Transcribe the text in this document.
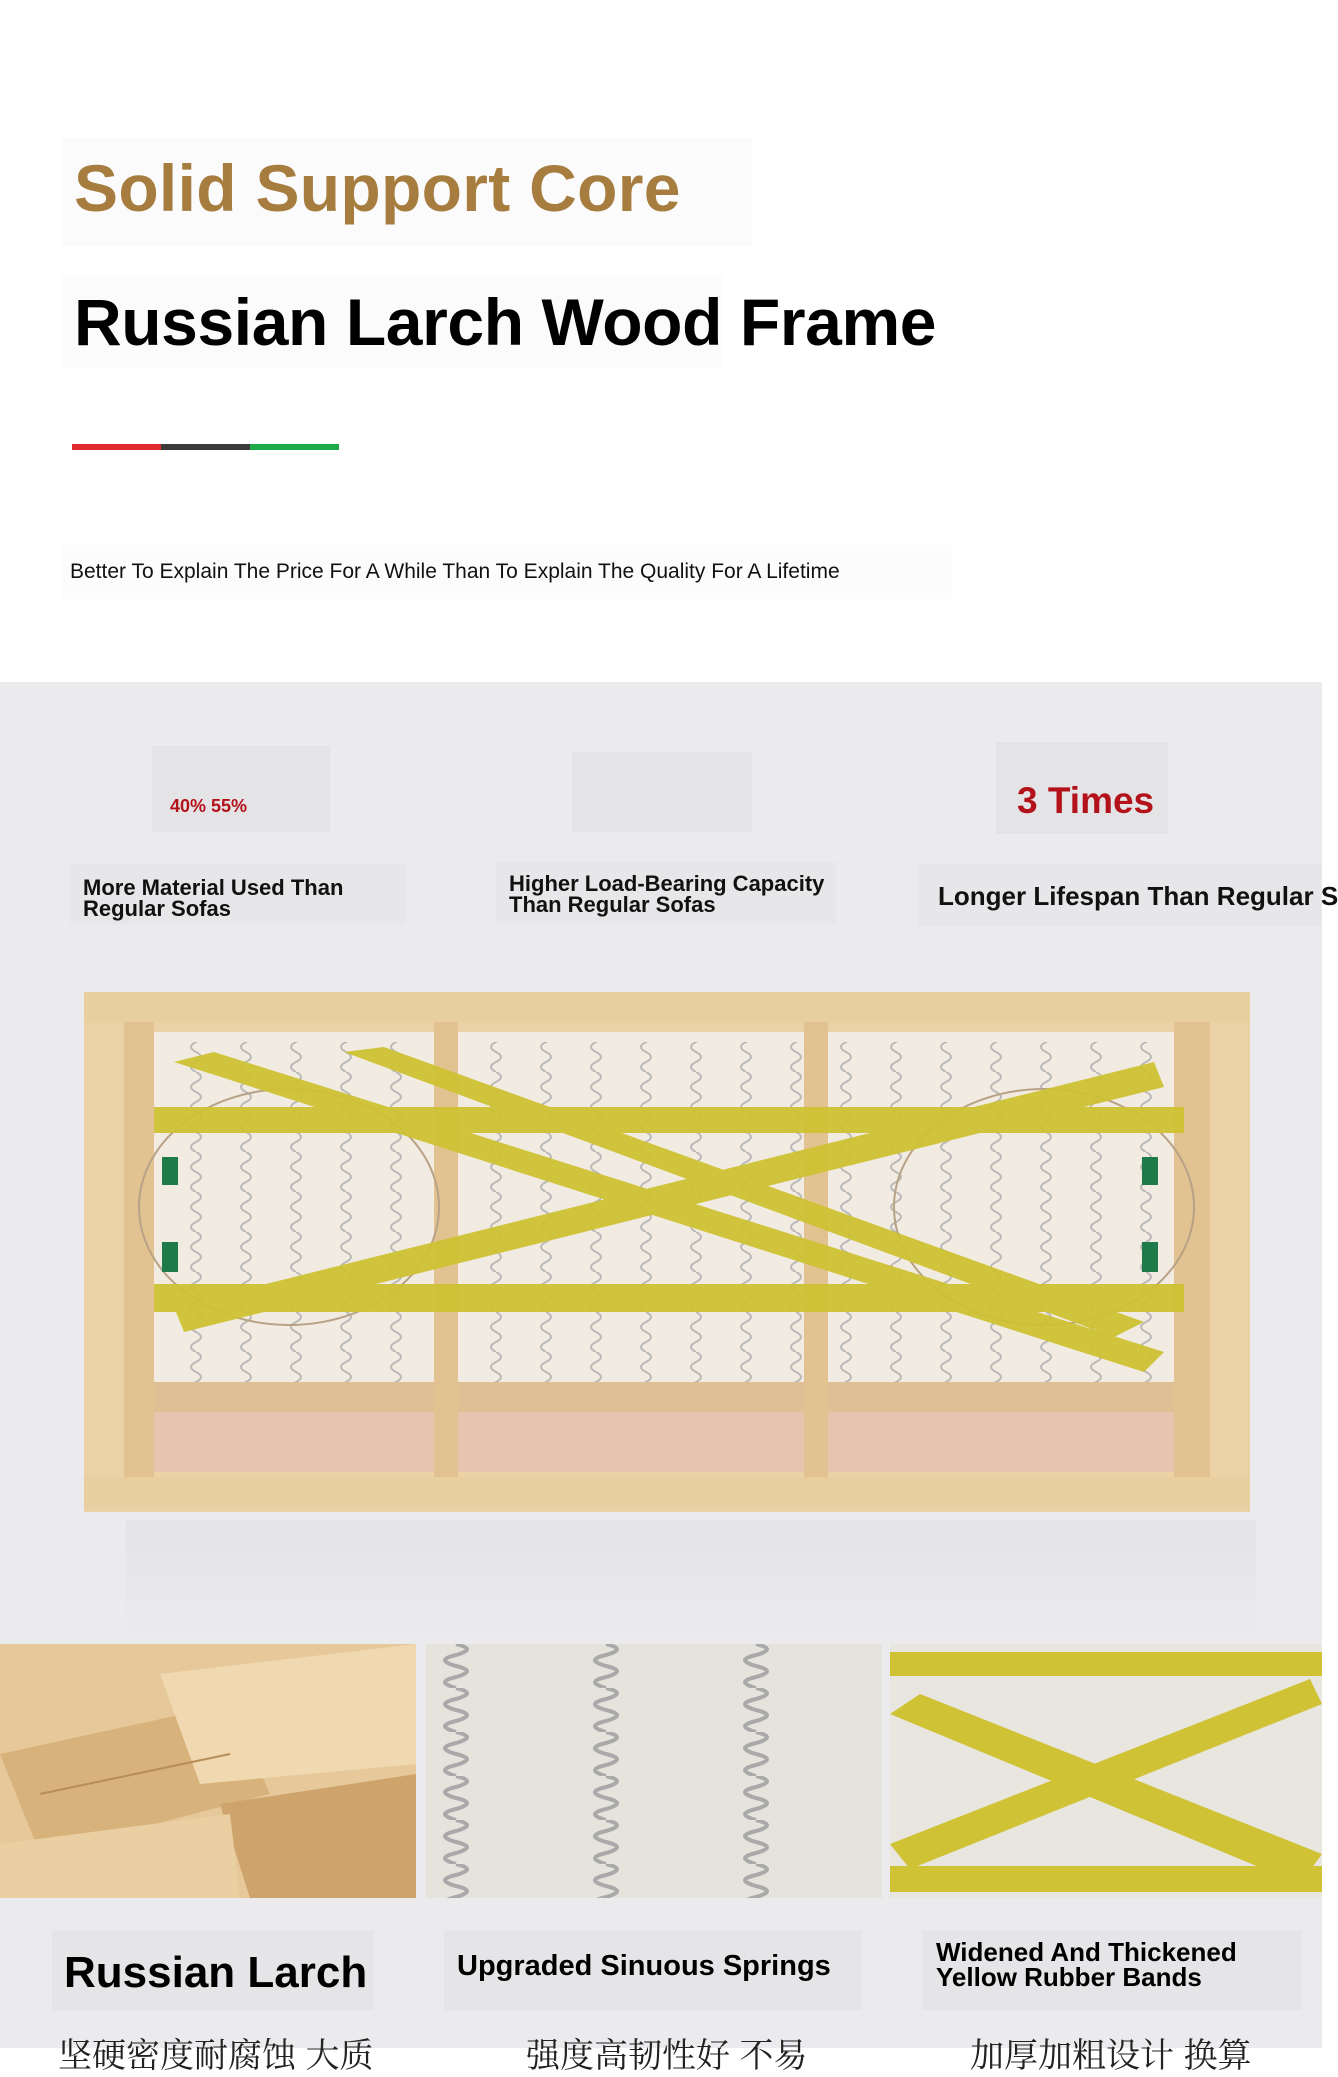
Solid Support Core
Russian Larch Wood Frame
Better To Explain The Price For A While Than To Explain The Quality For A Lifetime
40% 55%
More Material Used Than Regular Sofas
Higher Load-Bearing Capacity Than Regular Sofas
3 Times
Longer Lifespan Than Regular S
Russian Larch	Upgraded Sinuous Springs	Widened And Thickened Yellow Rubber Bands
坚硬密度耐腐蚀 大质	强度高韧性好 不易	加厚加粗设计 换算
